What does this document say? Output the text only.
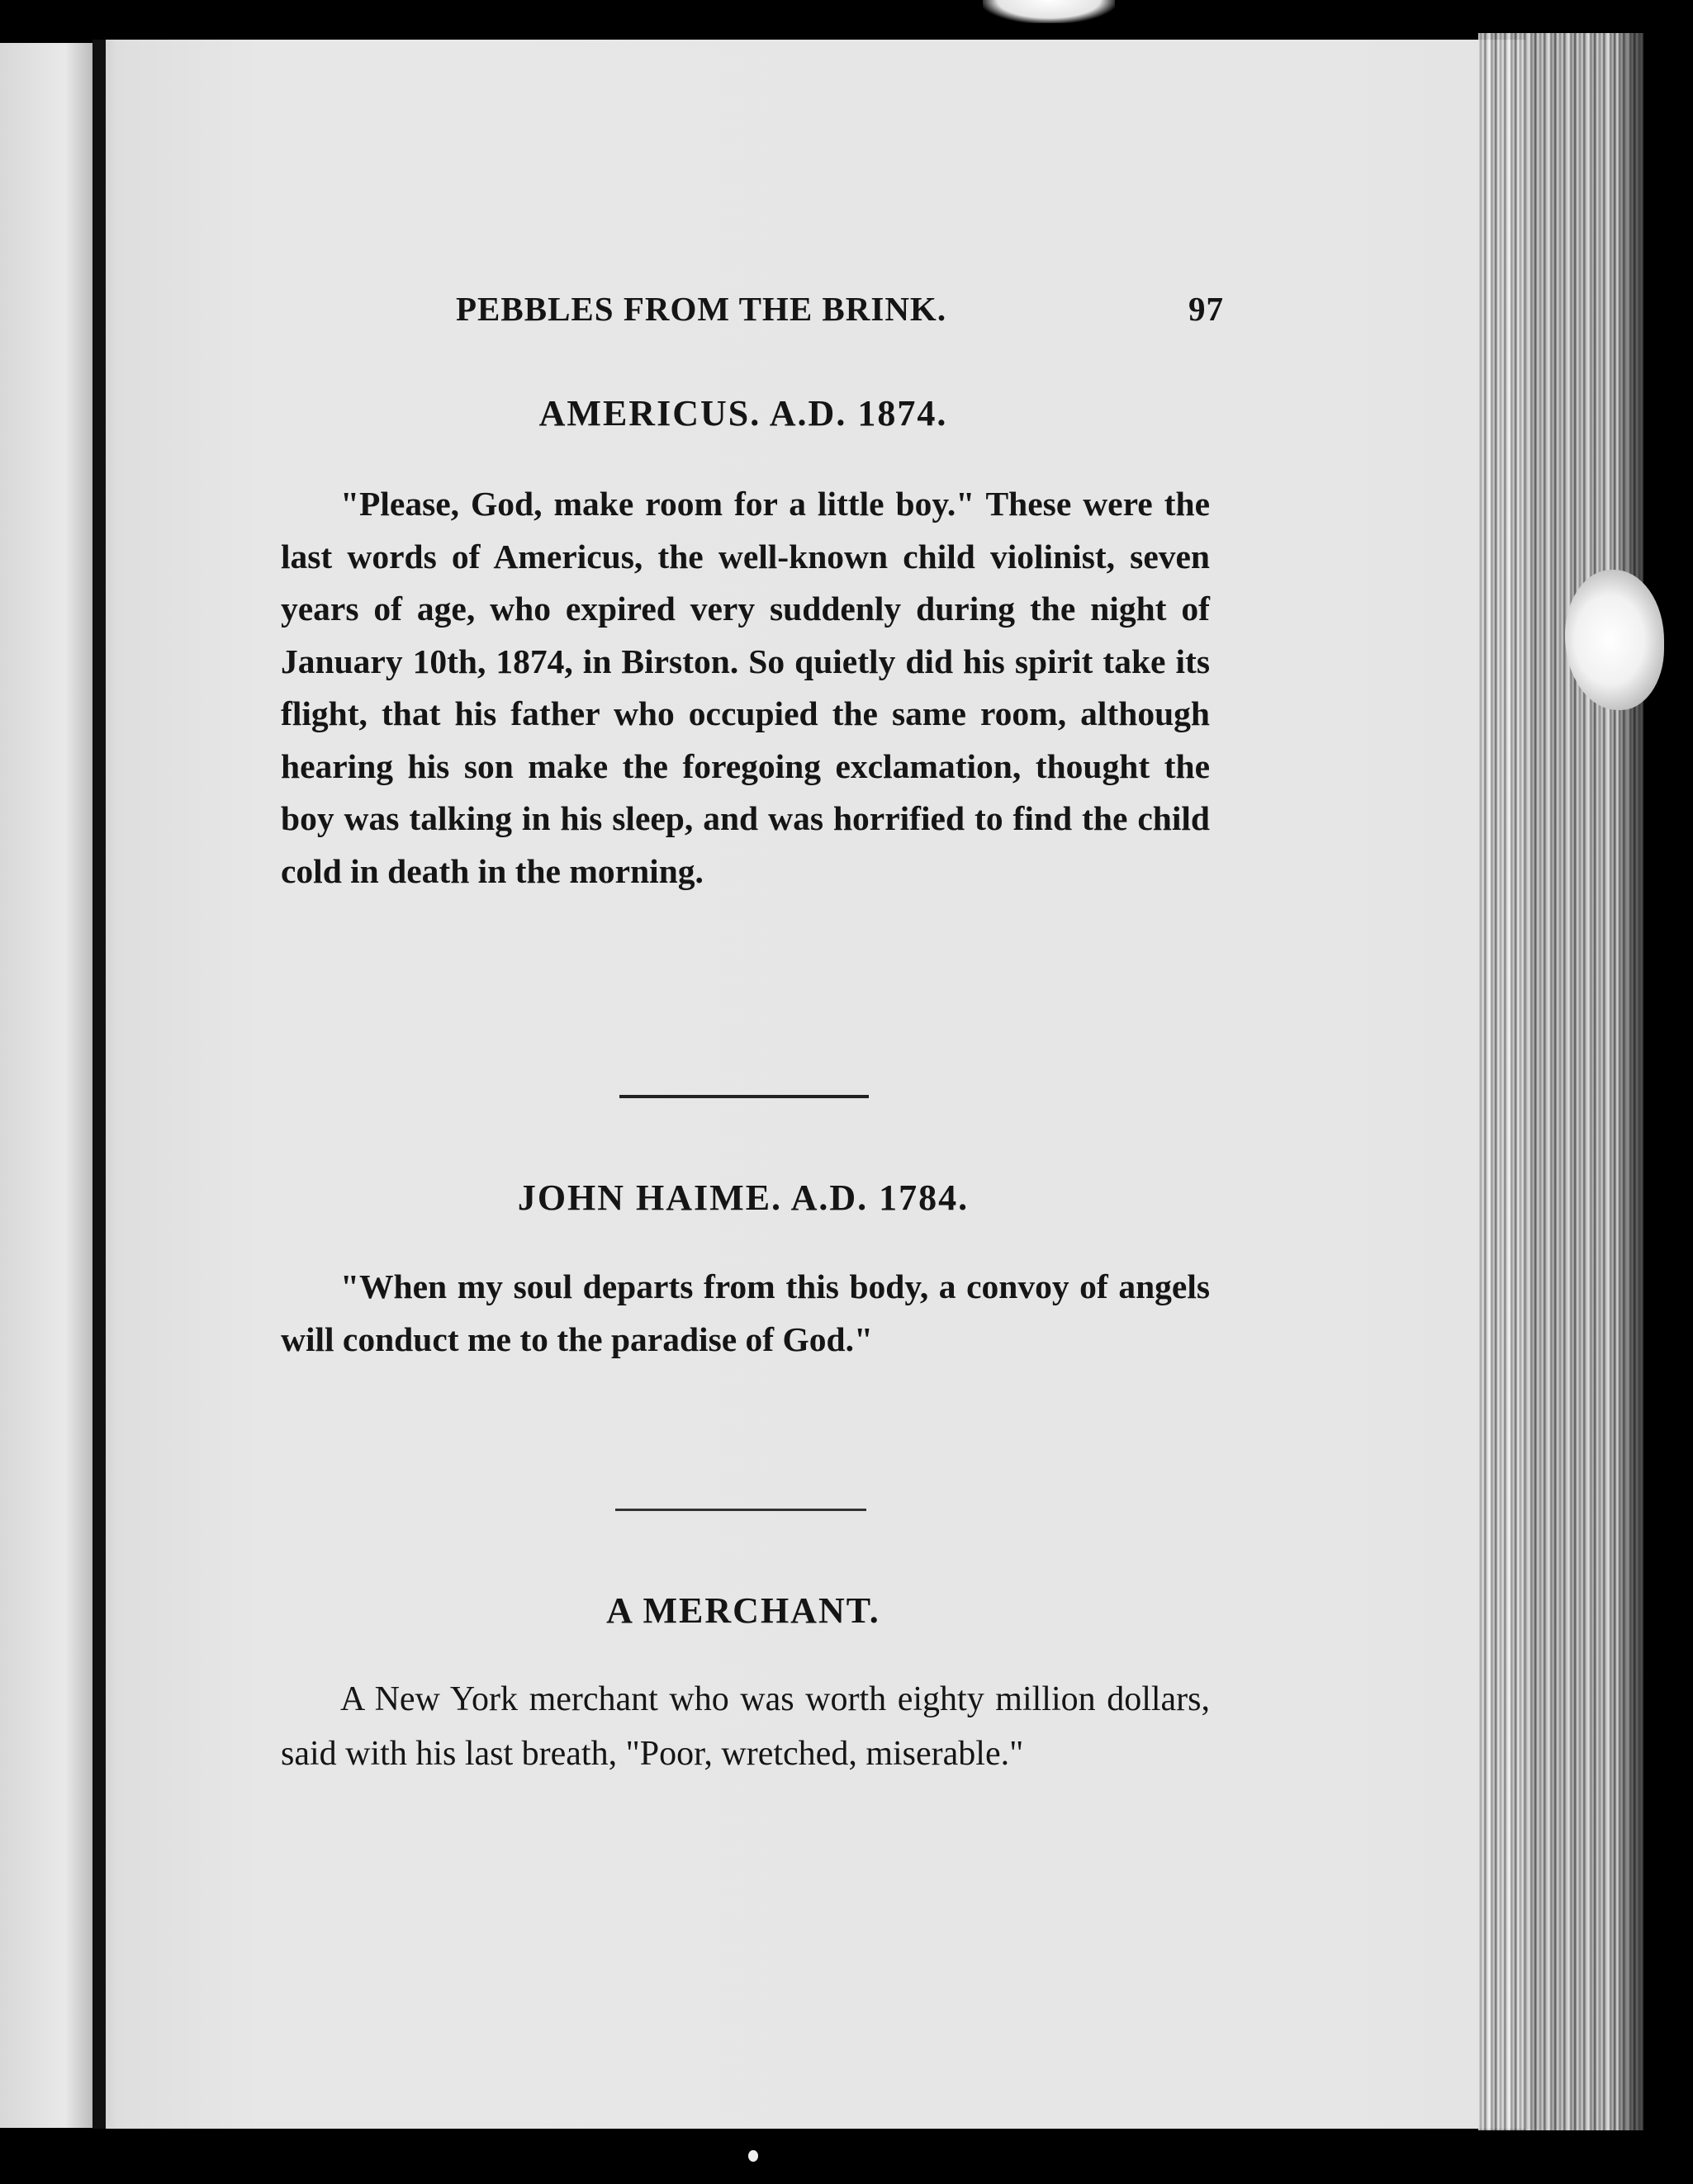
PEBBLES FROM THE BRINK.	97
AMERICUS. A.D. 1874.
"Please, God, make room for a little boy." These were the last words of Americus, the well-known child violinist, seven years of age, who expired very suddenly during the night of January 10th, 1874, in Birston. So quietly did his spirit take its flight, that his father who occupied the same room, although hearing his son make the foregoing exclamation, thought the boy was talking in his sleep, and was horrified to find the child cold in death in the morning.
JOHN HAIME. A.D. 1784.
"When my soul departs from this body, a convoy of angels will conduct me to the paradise of God."
A MERCHANT.
A New York merchant who was worth eighty million dollars, said with his last breath, "Poor, wretched, miserable."
